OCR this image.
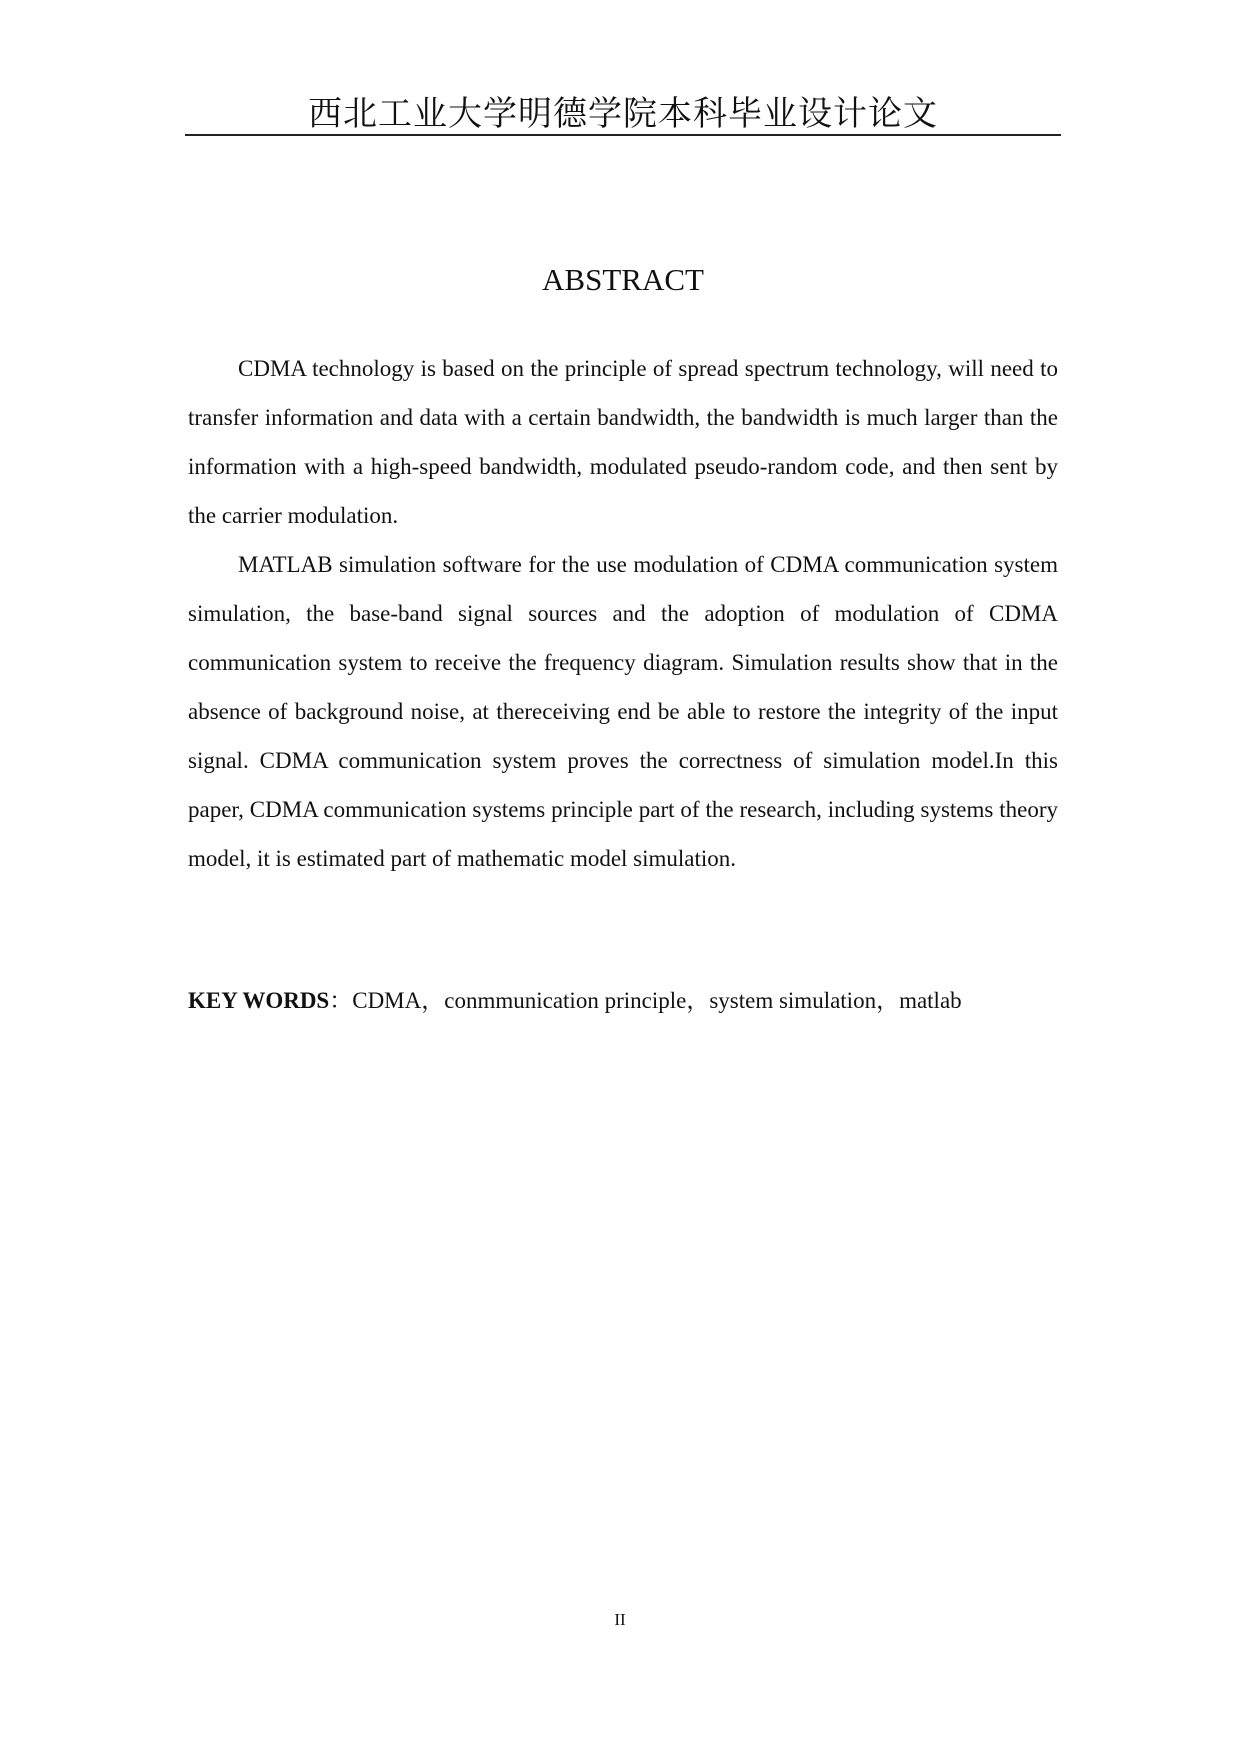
西北工业大学明德学院本科毕业设计论文
ABSTRACT

CDMA technology is based on the principle of spread spectrum technology, will need to transfer information and data with a certain bandwidth, the bandwidth is much larger than the information with a high-speed bandwidth, modulated pseudo-random code, and then sent by the carrier modulation.

MATLAB simulation software for the use modulation of CDMA communication system simulation, the base-band signal sources and the adoption of modulation of CDMA communication system to receive the frequency diagram. Simulation results show that in the absence of background noise, at thereceiving end be able to restore the integrity of the input signal. CDMA communication system proves the correctness of simulation model.In this paper, CDMA communication systems principle part of the research, including systems theory model, it is estimated part of mathematic model simulation.

KEY WORDS：CDMA，conmmunication principle，system simulation，matlab
II
